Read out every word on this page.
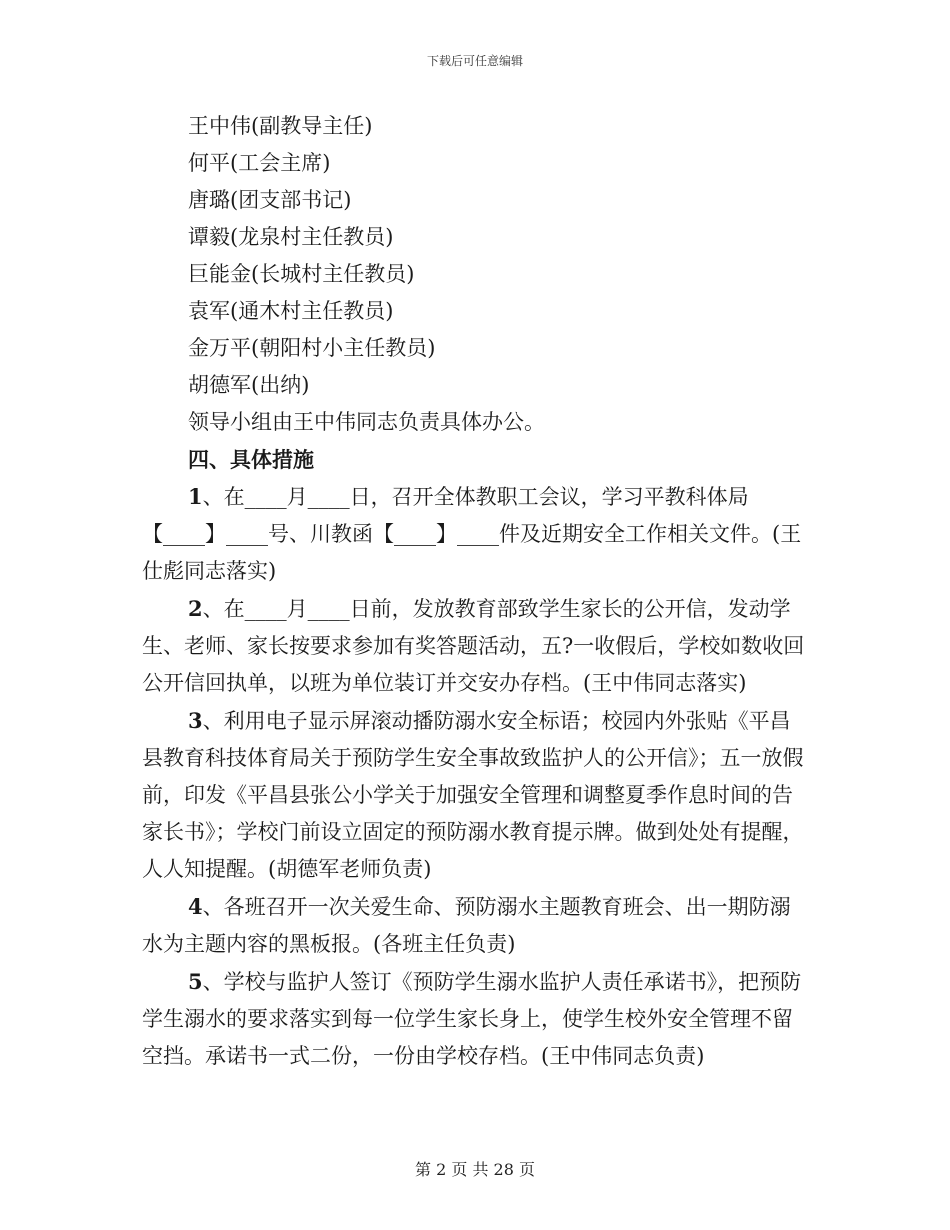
下载后可任意编辑
王中伟(副教导主任)
何平(工会主席)
唐璐(团支部书记)
谭毅(龙泉村主任教员)
巨能金(长城村主任教员)
袁军(通木村主任教员)
金万平(朝阳村小主任教员)
胡德军(出纳)
领导小组由王中伟同志负责具体办公。
四、具体措施

1、在____月____日，召开全体教职工会议，学习平教科体局【____】____号、川教函【____】____件及近期安全工作相关文件。(王仕彪同志落实)

2、在____月____日前，发放教育部致学生家长的公开信，发动学生、老师、家长按要求参加有奖答题活动，五?一收假后，学校如数收回公开信回执单，以班为单位装订并交安办存档。(王中伟同志落实)

3、利用电子显示屏滚动播防溺水安全标语；校园内外张贴《平昌县教育科技体育局关于预防学生安全事故致监护人的公开信》；五一放假前，印发《平昌县张公小学关于加强安全管理和调整夏季作息时间的告家长书》；学校门前设立固定的预防溺水教育提示牌。做到处处有提醒，人人知提醒。(胡德军老师负责)

4、各班召开一次关爱生命、预防溺水主题教育班会、出一期防溺水为主题内容的黑板报。(各班主任负责)

5、学校与监护人签订《预防学生溺水监护人责任承诺书》，把预防学生溺水的要求落实到每一位学生家长身上，使学生校外安全管理不留空挡。承诺书一式二份，一份由学校存档。(王中伟同志负责)

第 2 页 共 28 页
